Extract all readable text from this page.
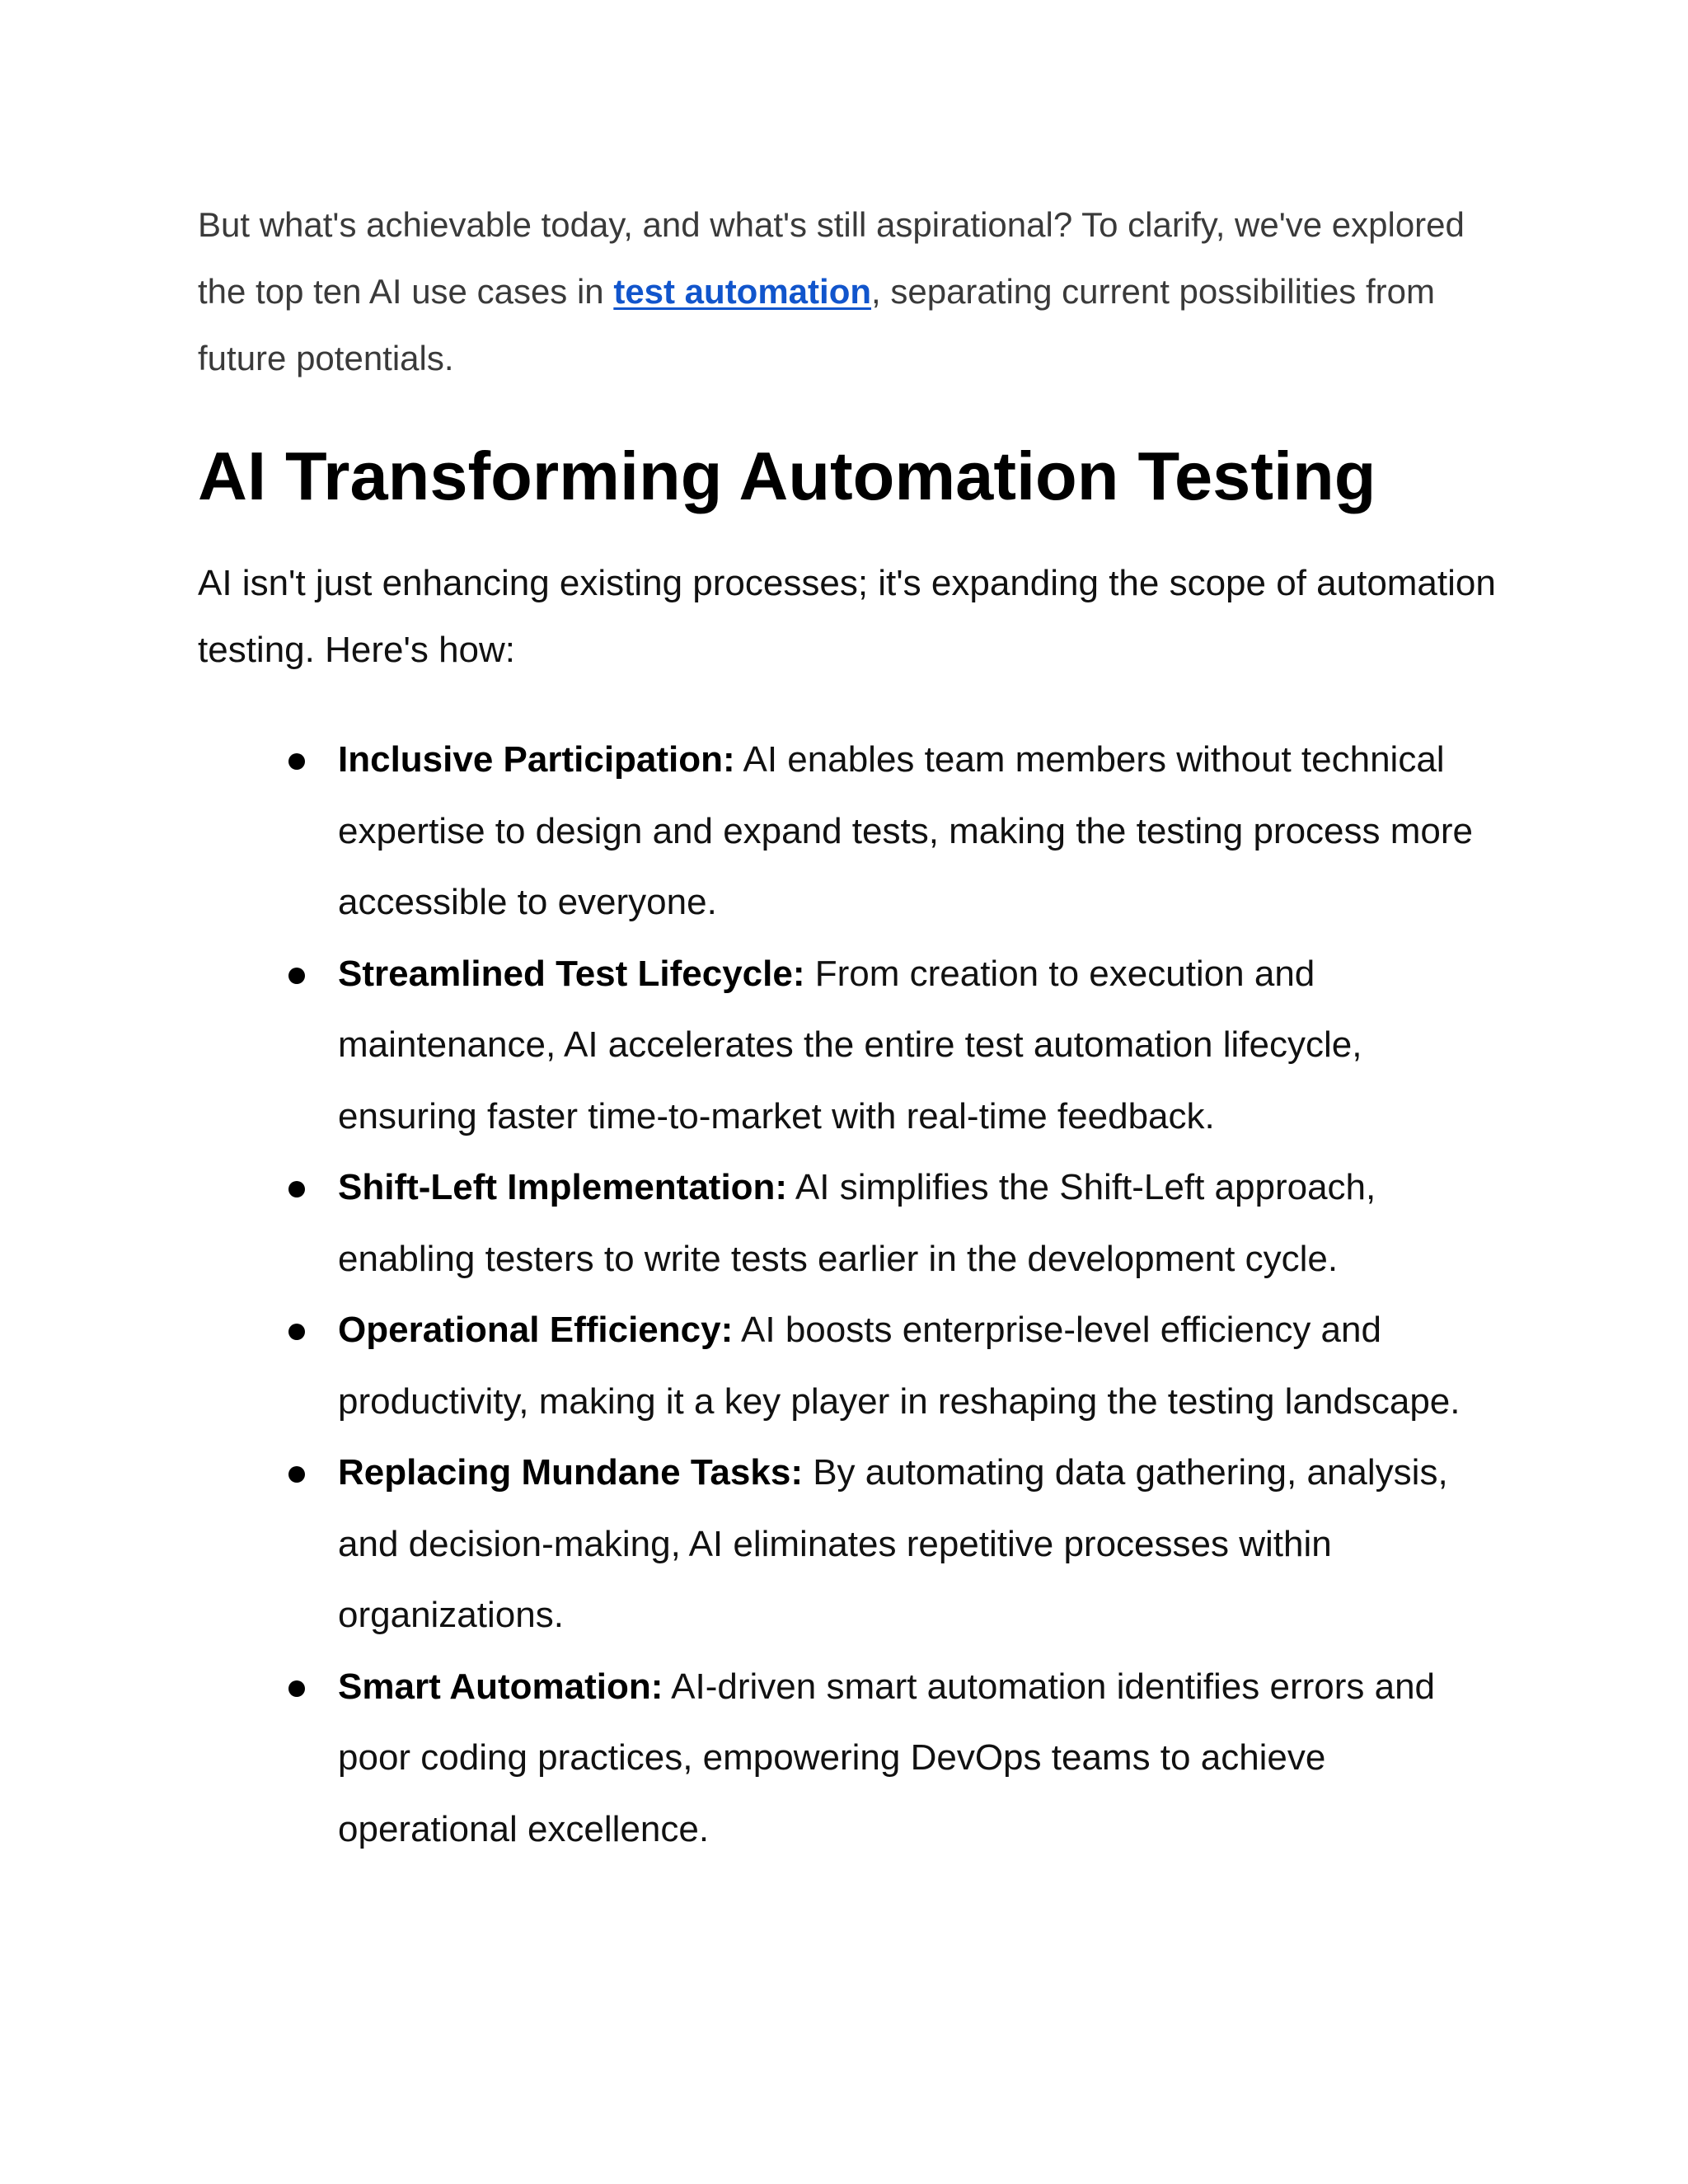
But what's achievable today, and what's still aspirational? To clarify, we've explored the top ten AI use cases in test automation, separating current possibilities from future potentials.

AI Transforming Automation Testing

AI isn't just enhancing existing processes; it's expanding the scope of automation testing. Here's how:

Inclusive Participation: AI enables team members without technical expertise to design and expand tests, making the testing process more accessible to everyone.
Streamlined Test Lifecycle: From creation to execution and maintenance, AI accelerates the entire test automation lifecycle, ensuring faster time-to-market with real-time feedback.
Shift-Left Implementation: AI simplifies the Shift-Left approach, enabling testers to write tests earlier in the development cycle.
Operational Efficiency: AI boosts enterprise-level efficiency and productivity, making it a key player in reshaping the testing landscape.
Replacing Mundane Tasks: By automating data gathering, analysis, and decision-making, AI eliminates repetitive processes within organizations.
Smart Automation: AI-driven smart automation identifies errors and poor coding practices, empowering DevOps teams to achieve operational excellence.
